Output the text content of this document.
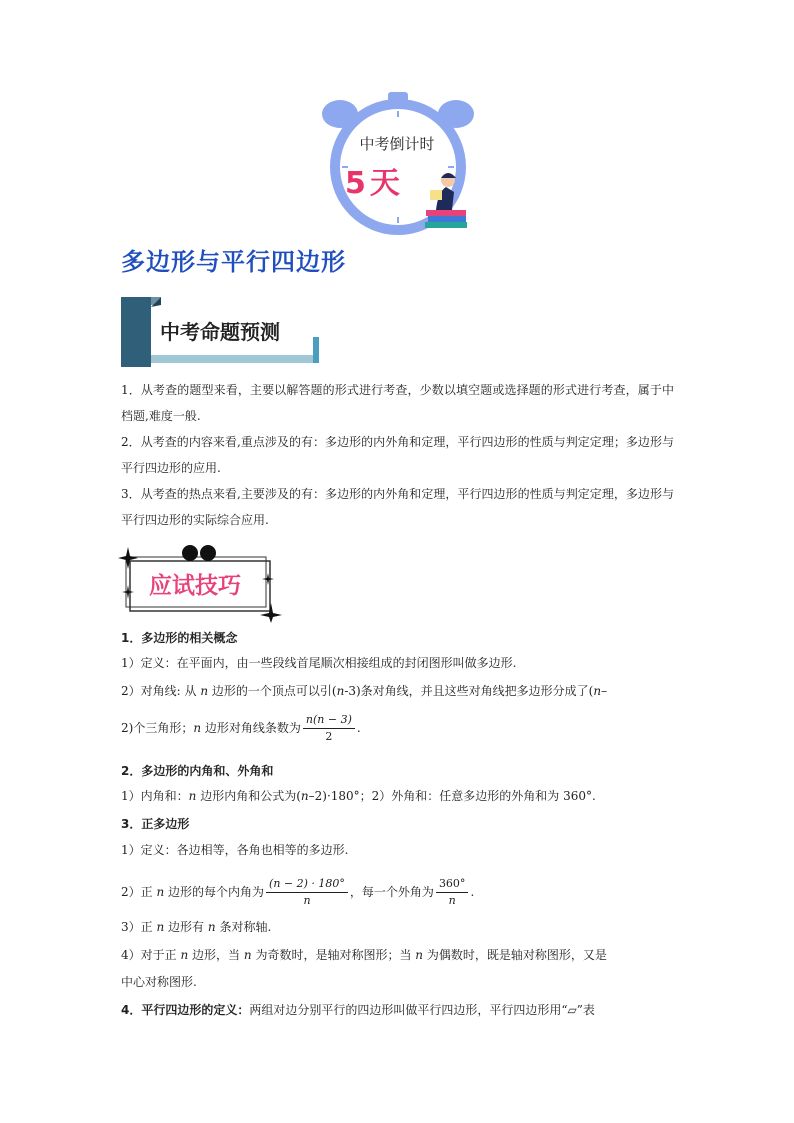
中考倒计时
5 天
多边形与平行四边形
中考命题预测
1．从考查的题型来看，主要以解答题的形式进行考查，少数以填空题或选择题的形式进行考查，属于中档题,难度一般.
2．从考查的内容来看,重点涉及的有：多边形的内外角和定理，平行四边形的性质与判定定理；多边形与平行四边形的应用.
3．从考查的热点来看,主要涉及的有：多边形的内外角和定理，平行四边形的性质与判定定理，多边形与平行四边形的实际综合应用.
应试技巧
1．多边形的相关概念
1）定义：在平面内，由一些段线首尾顺次相接组成的封闭图形叫做多边形.
2）对角线: 从 n 边形的一个顶点可以引(n-3)条对角线，并且这些对角线把多边形分成了(n–
2)个三角形；n 边形对角线条数为 $\frac{n(n - 3)}{2}$ .
2．多边形的内角和、外角和
1）内角和：n 边形内角和公式为(n–2)·180°；2）外角和：任意多边形的外角和为 360°.
3．正多边形
1）定义：各边相等，各角也相等的多边形.
2）正 n 边形的每个内角为 $\frac{(n - 2) \cdot 180^\circ}{n}$ ，每一个外角为 $\frac{360^\circ}{n}$ .
3）正 n 边形有 n 条对称轴.
4）对于正 n 边形，当 n 为奇数时，是轴对称图形；当 n 为偶数时，既是轴对称图形，又是
中心对称图形.
4．平行四边形的定义：两组对边分别平行的四边形叫做平行四边形，平行四边形用“▱”表
